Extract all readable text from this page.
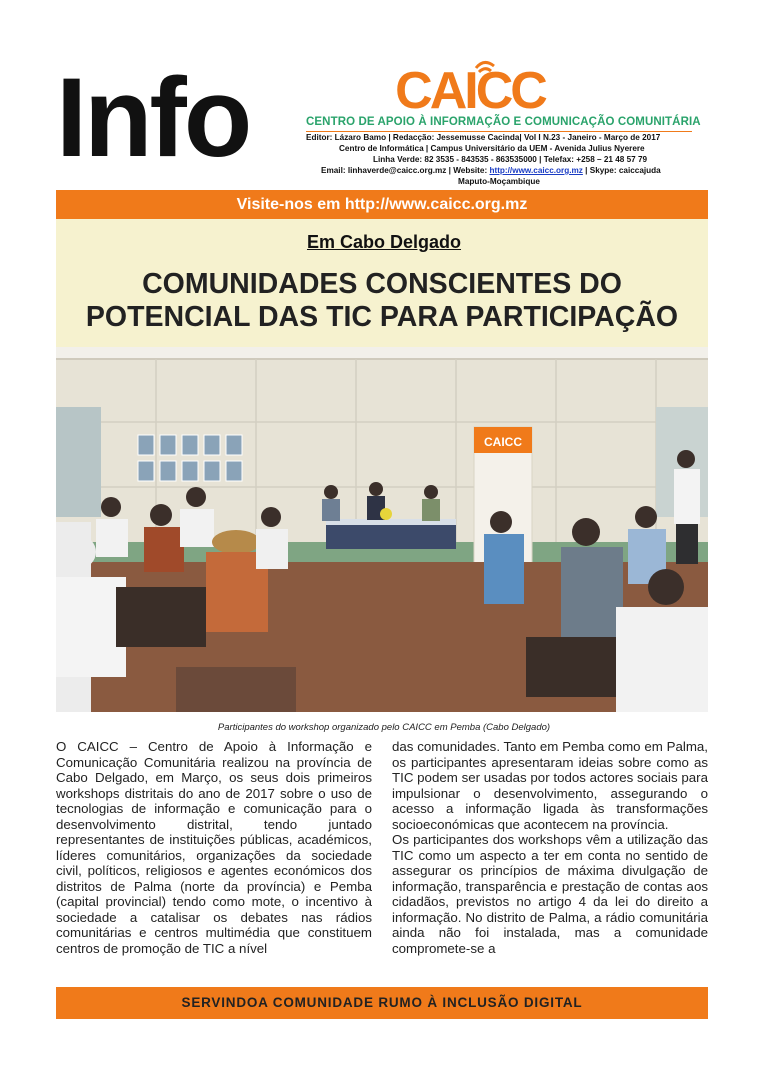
Info	CAICC
CENTRO DE APOIO À INFORMAÇÃO E COMUNICAÇÃO COMUNITÁRIA
Editor: Lázaro Bamo | Redacção: Jessemusse Cacinda| Vol I N.23 - Janeiro - Março de 2017
Centro de Informática | Campus Universitário da UEM - Avenida Julius Nyerere
Linha Verde: 82 3535 - 843535 - 863535000 | Telefax: +258 – 21 48 57 79
Email: linhaverde@caicc.org.mz | Website: http://www.caicc.org.mz | Skype: caiccajuda
Maputo-Moçambique
Visite-nos em http://www.caicc.org.mz
Em Cabo Delgado
COMUNIDADES CONSCIENTES DO
POTENCIAL DAS TIC PARA PARTICIPAÇÃO
CAICC
Participantes do workshop organizado pelo CAICC em Pemba (Cabo Delgado)

O CAICC – Centro de Apoio à Informação e Comunicação Comunitária realizou na província de Cabo Delgado, em Março, os seus dois primeiros workshops distritais do ano de 2017 sobre o uso de tecnologias de informação e comunicação para o desenvolvimento distrital, tendo juntado representantes de instituições públicas, académicos, líderes comunitários, organizações da sociedade civil, políticos, religiosos e agentes económicos dos distritos de Palma (norte da província) e Pemba (capital provincial) tendo como mote, o incentivo à sociedade a catalisar os debates nas rádios comunitárias e centros multimédia que constituem centros de promoção de TIC a nível

das comunidades. Tanto em Pemba como em Palma, os participantes apresentaram ideias sobre como as TIC podem ser usadas por todos actores sociais para impulsionar o desenvolvimento, assegurando o acesso a informação ligada às transformações socioeconómicas que acontecem na província.

Os participantes dos workshops vêm a utilização das TIC como um aspecto a ter em conta no sentido de assegurar os princípios de máxima divulgação de informação, transparência e prestação de contas aos cidadãos, previstos no artigo 4 da lei do direito a informação. No distrito de Palma, a rádio comunitária ainda não foi instalada, mas a comunidade compromete-se a

SERVINDOA COMUNIDADE RUMO À INCLUSÃO DIGITAL
